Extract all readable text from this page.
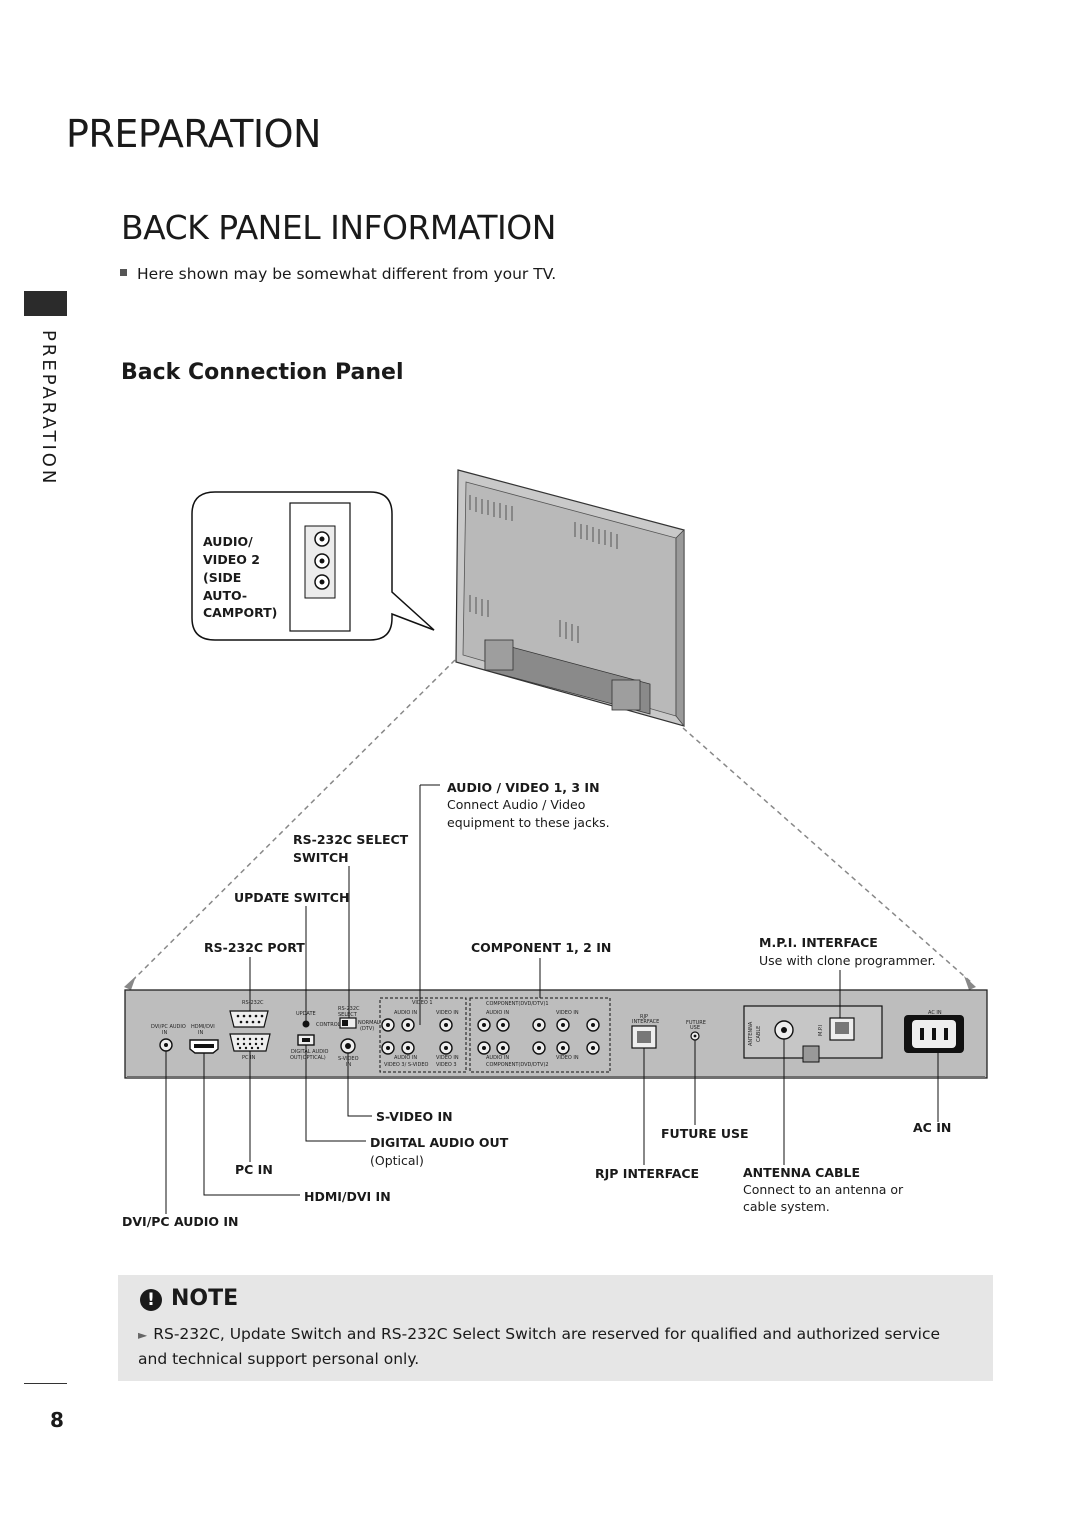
PREPARATION
BACK PANEL INFORMATION
Here shown may be somewhat different from your TV.
Back Connection Panel
PREPARATION
RS-232C
DVI/PC AUDIO
IN
HDMI/DVI
IN
PC IN
UPDATE
CONTROL
RS-232C
SELECT
NORMAL
(DTV)
DIGITAL AUDIO
OUT(OPTICAL) S-VIDEO
IN
VIDEO 1
AUDIO IN	VIDEO IN
AUDIO IN	VIDEO IN
VIDEO 3/ S-VIDEO VIDEO 3
COMPONENT(DVD/DTV)1
AUDIO IN	VIDEO IN
AUDIO IN	VIDEO IN
COMPONENT(DVD/DTV)2
RJP
INTERFACE	FUTURE
USE	ANTENNA CABLE	M.P.I
AC IN
AUDIO/
VIDEO 2
(SIDE
AUTO-
CAMPORT)
AUDIO / VIDEO 1, 3 IN
Connect Audio / Video
equipment to these jacks.
RS-232C SELECT
SWITCH
UPDATE SWITCH
RS-232C PORT	COMPONENT 1, 2 IN	M.P.I. INTERFACE
Use with clone programmer.
S-VIDEO IN
DIGITAL AUDIO OUT
(Optical)
PC IN
HDMI/DVI IN
DVI/PC AUDIO IN
FUTURE USE
RJP INTERFACE	ANTENNA CABLE
Connect to an antenna or
cable system.
AC IN
! NOTE
► RS-232C, Update Switch and RS-232C Select Switch are reserved for qualified and authorized service and technical support personal only.
8
